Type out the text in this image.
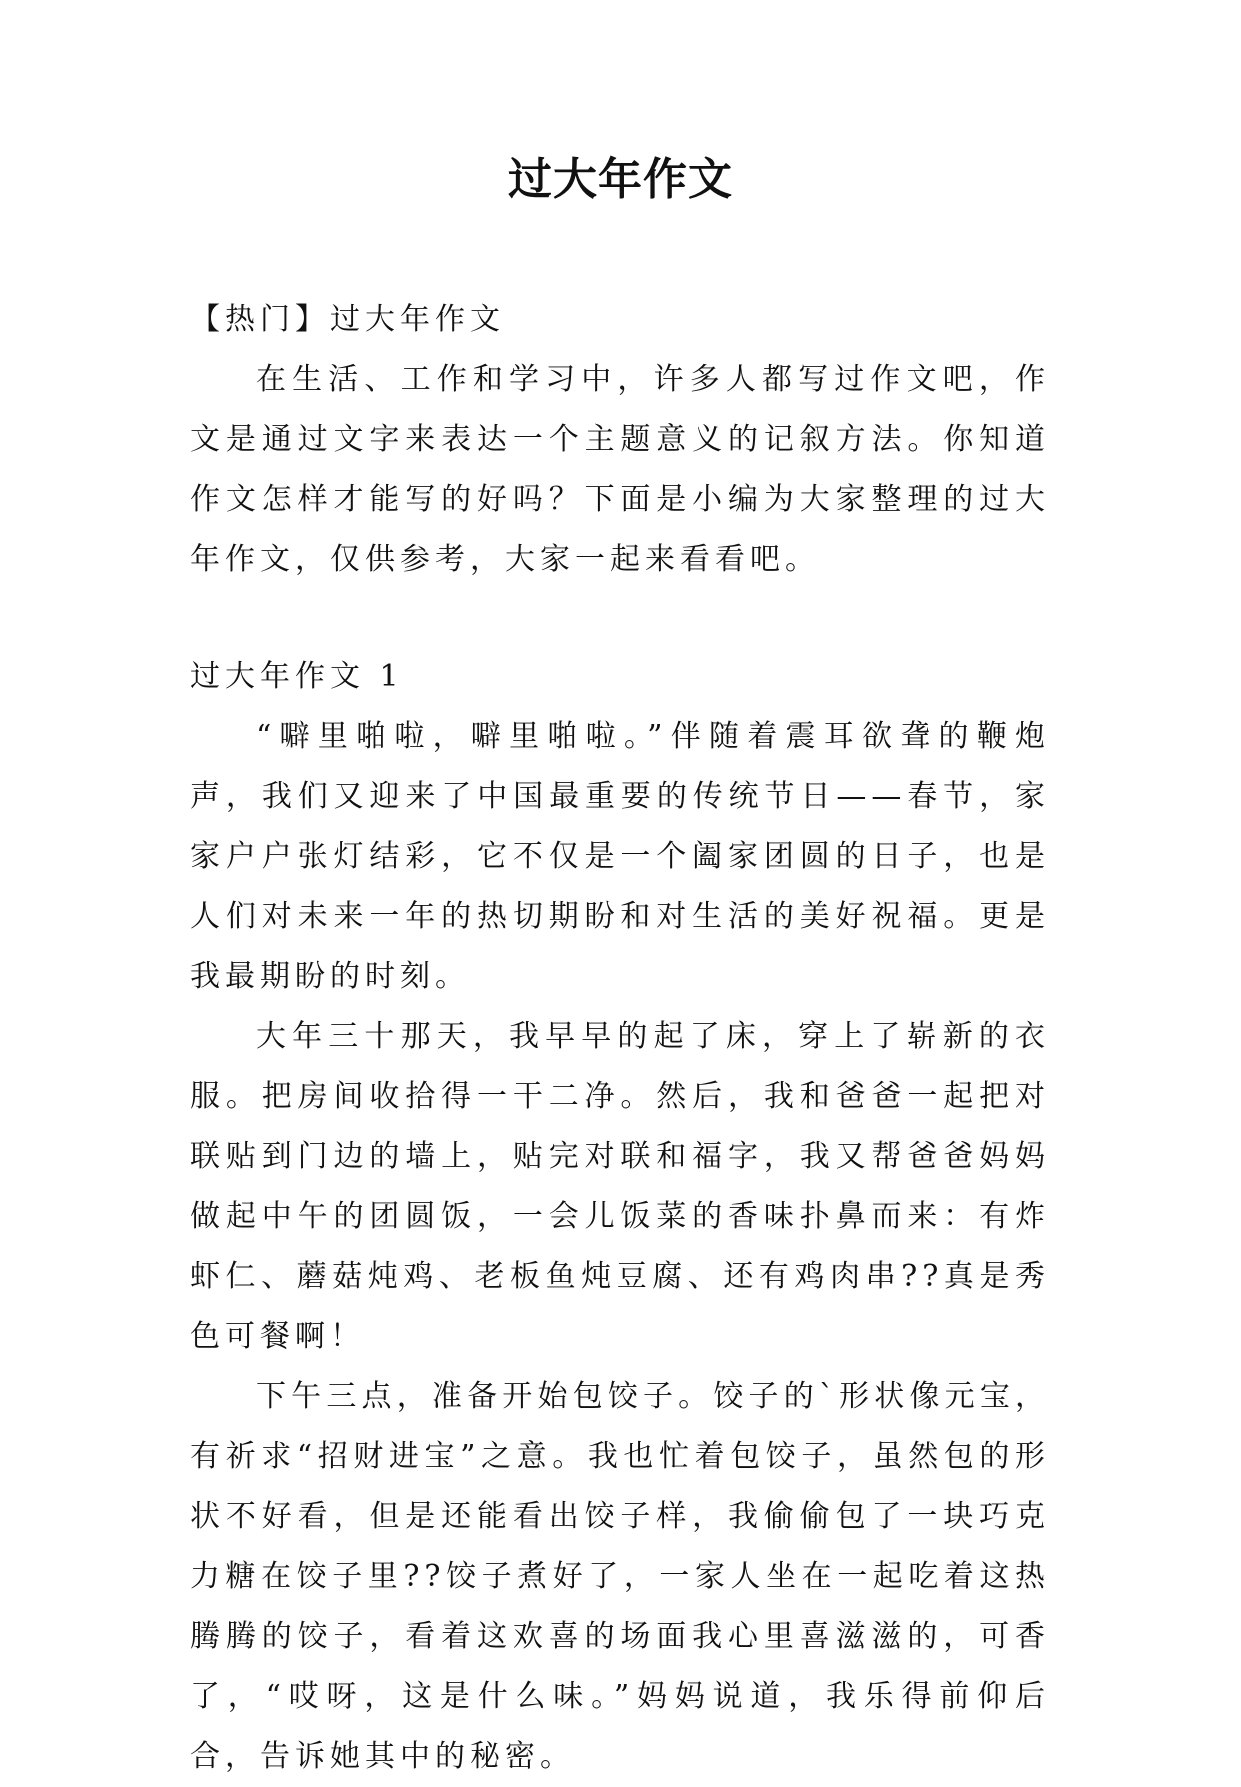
过大年作文

【热门】过大年作文

在生活、工作和学习中，许多人都写过作文吧，作文是通过文字来表达一个主题意义的记叙方法。你知道作文怎样才能写的好吗？下面是小编为大家整理的过大年作文，仅供参考，大家一起来看看吧。

过大年作文 1

“噼里啪啦，噼里啪啦。”伴随着震耳欲聋的鞭炮声，我们又迎来了中国最重要的传统节日——春节，家家户户张灯结彩，它不仅是一个阖家团圆的日子，也是人们对未来一年的热切期盼和对生活的美好祝福。更是我最期盼的时刻。

大年三十那天，我早早的起了床，穿上了崭新的衣服。把房间收拾得一干二净。然后，我和爸爸一起把对联贴到门边的墙上，贴完对联和福字，我又帮爸爸妈妈做起中午的团圆饭，一会儿饭菜的香味扑鼻而来：有炸虾仁、蘑菇炖鸡、老板鱼炖豆腐、还有鸡肉串??真是秀色可餐啊！

下午三点，准备开始包饺子。饺子的`形状像元宝，有祈求“招财进宝”之意。我也忙着包饺子，虽然包的形状不好看，但是还能看出饺子样，我偷偷包了一块巧克力糖在饺子里??饺子煮好了，一家人坐在一起吃着这热腾腾的饺子，看着这欢喜的场面我心里喜滋滋的，可香了，“哎呀，这是什么味。”妈妈说道，我乐得前仰后合，告诉她其中的秘密。
